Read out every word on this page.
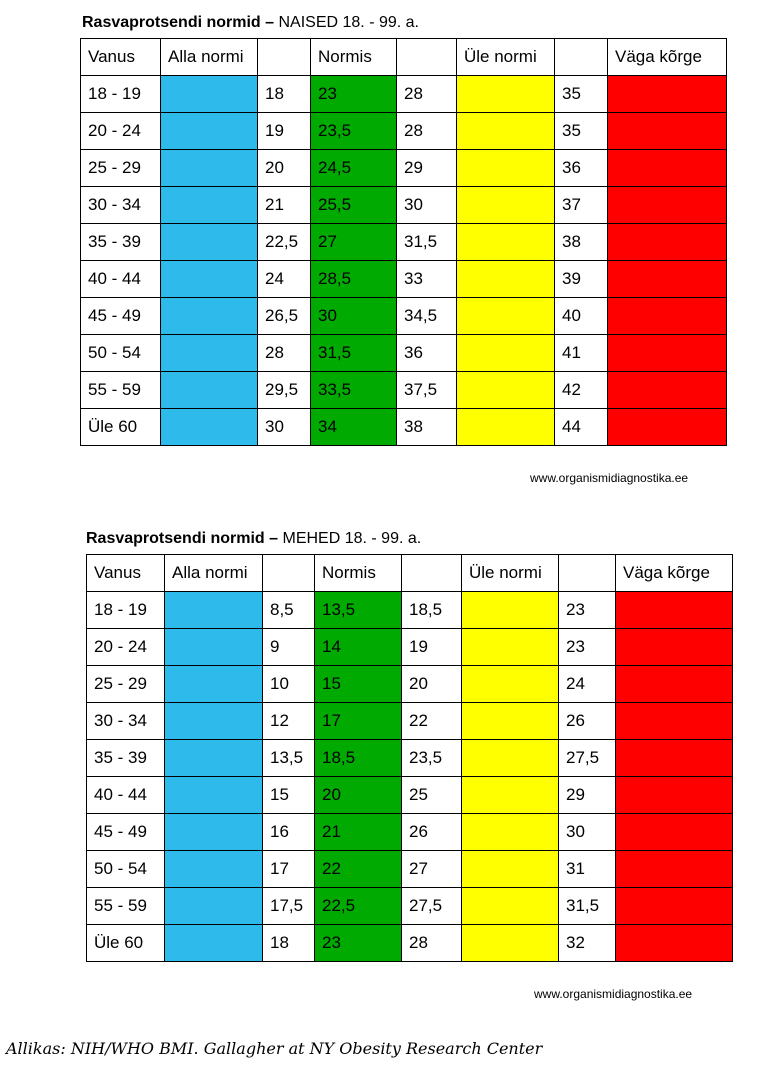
Rasvaprotsendi normid – NAISED 18. - 99. a.
Vanus	Alla normi		Normis		Üle normi		Väga kõrge
18 - 19		18	23	28		35	
20 - 24		19	23,5	28		35	
25 - 29		20	24,5	29		36	
30 - 34		21	25,5	30		37	
35 - 39		22,5	27	31,5		38	
40 - 44		24	28,5	33		39	
45 - 49		26,5	30	34,5		40	
50 - 54		28	31,5	36		41	
55 - 59		29,5	33,5	37,5		42	
Üle 60		30	34	38		44	
www.organismidiagnostika.ee
Rasvaprotsendi normid – MEHED 18. - 99. a.
Vanus	Alla normi		Normis		Üle normi		Väga kõrge
18 - 19		8,5	13,5	18,5		23	
20 - 24		9	14	19		23	
25 - 29		10	15	20		24	
30 - 34		12	17	22		26	
35 - 39		13,5	18,5	23,5		27,5	
40 - 44		15	20	25		29	
45 - 49		16	21	26		30	
50 - 54		17	22	27		31	
55 - 59		17,5	22,5	27,5		31,5	
Üle 60		18	23	28		32	
www.organismidiagnostika.ee
Allikas: NIH/WHO BMI. Gallagher at NY Obesity Research Center
